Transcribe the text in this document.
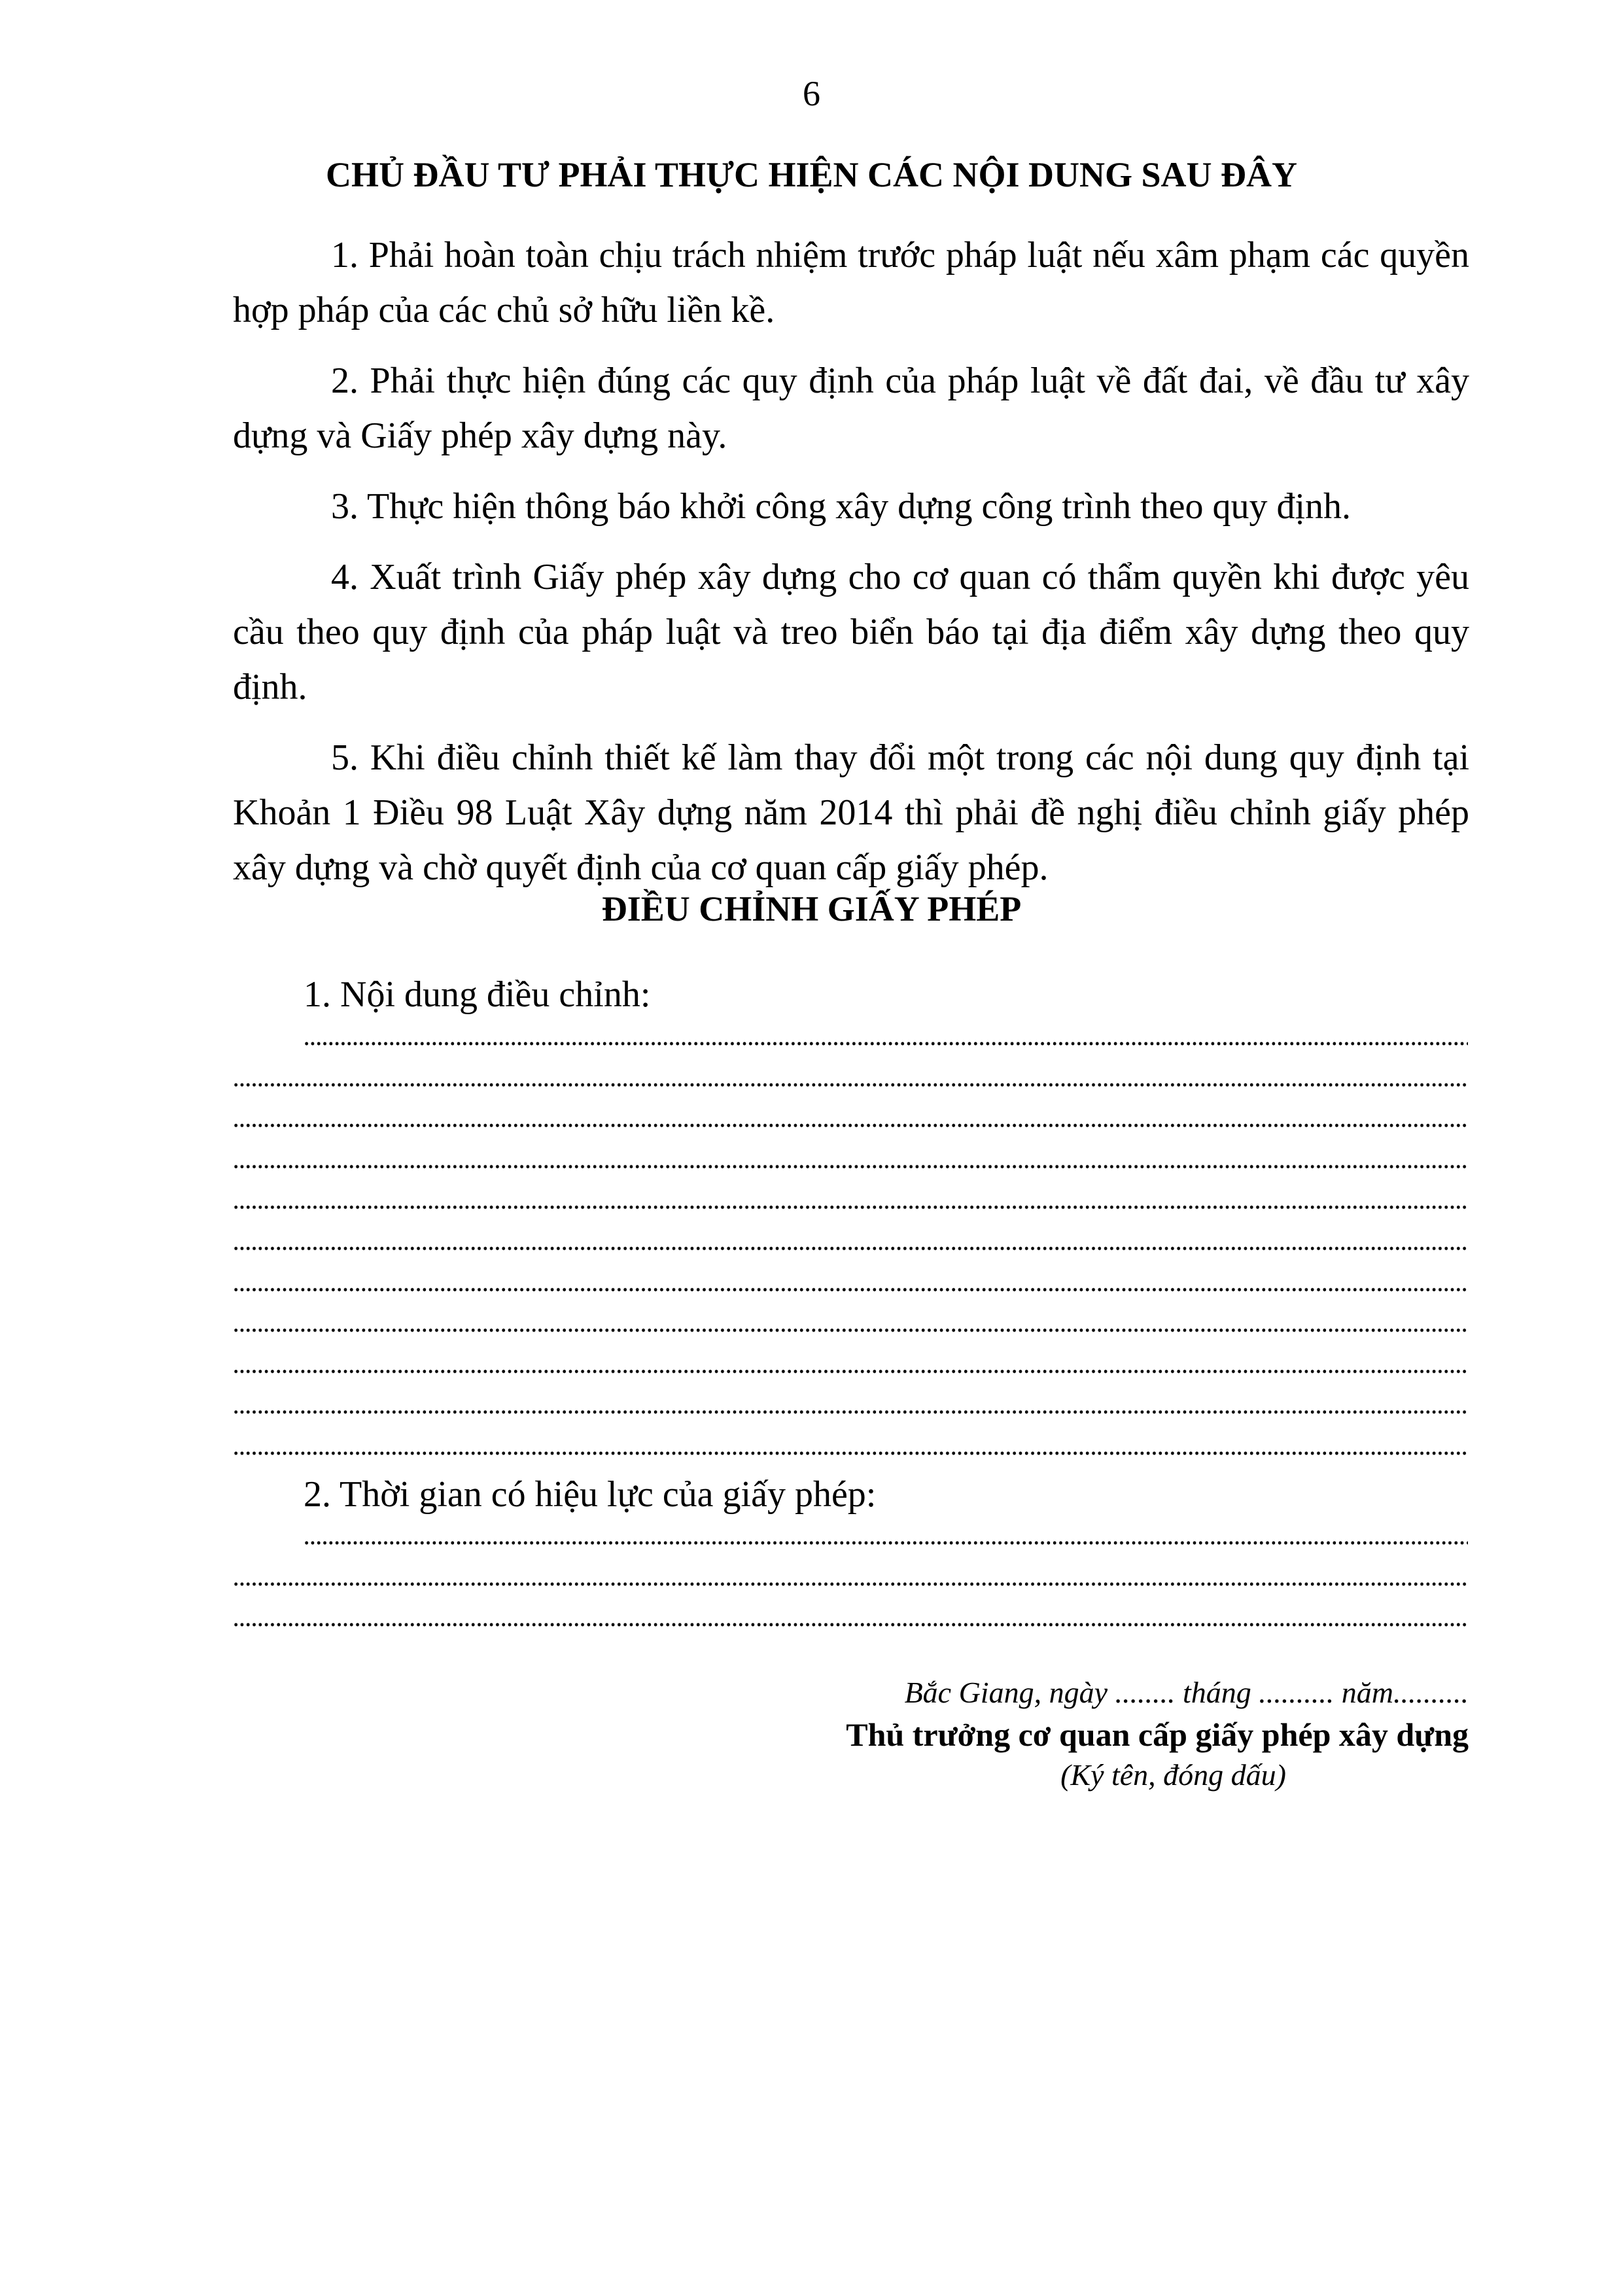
6
CHỦ ĐẦU TƯ PHẢI THỰC HIỆN CÁC NỘI DUNG SAU ĐÂY

1. Phải hoàn toàn chịu trách nhiệm trước pháp luật nếu xâm phạm các quyền hợp pháp của các chủ sở hữu liền kề.

2. Phải thực hiện đúng các quy định của pháp luật về đất đai, về đầu tư xây dựng và Giấy phép xây dựng này.

3. Thực hiện thông báo khởi công xây dựng công trình theo quy định.

4. Xuất trình Giấy phép xây dựng cho cơ quan có thẩm quyền khi được yêu cầu theo quy định của pháp luật và treo biển báo tại địa điểm xây dựng theo quy định.

5. Khi điều chỉnh thiết kế làm thay đổi một trong các nội dung quy định tại Khoản 1 Điều 98 Luật Xây dựng năm 2014 thì phải đề nghị điều chỉnh giấy phép xây dựng và chờ quyết định của cơ quan cấp giấy phép.

ĐIỀU CHỈNH GIẤY PHÉP
1. Nội dung điều chỉnh:
2. Thời gian có hiệu lực của giấy phép:
Bắc Giang, ngày ........ tháng .......... năm..........
Thủ trưởng cơ quan cấp giấy phép xây dựng
(Ký tên, đóng dấu)
